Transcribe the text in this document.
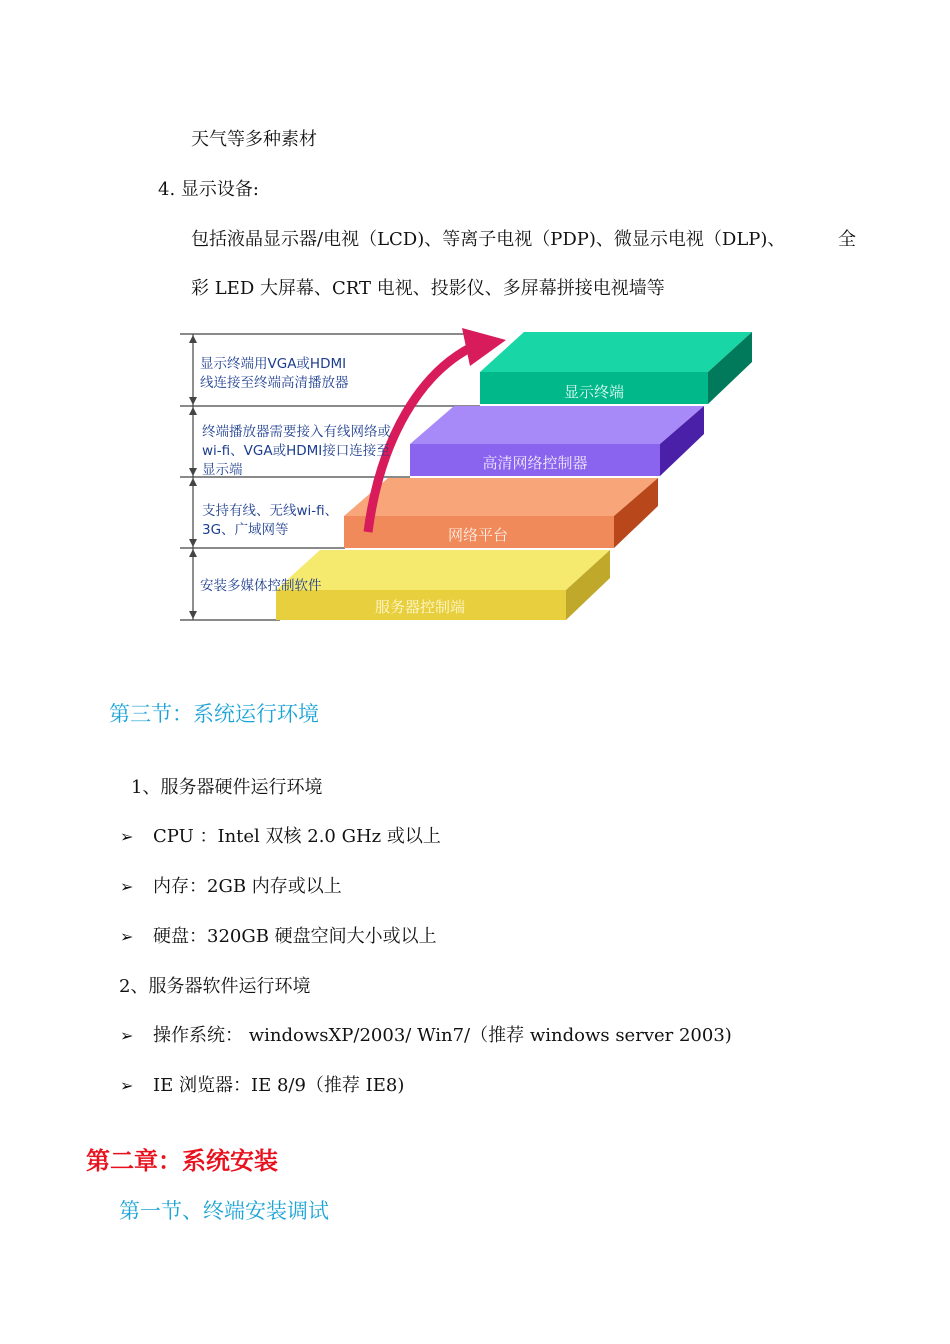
天气等多种素材
4. 显示设备:
包括液晶显示器/电视（LCD)、等离子电视（PDP)、微显示电视（DLP)、	全
彩 LED 大屏幕、CRT 电视、投影仪、多屏幕拼接电视墙等
服务器控制端
网络平台
高清网络控制器
显示终端
显示终端用VGA或HDMI
线连接至终端高清播放器
终端播放器需要接入有线网络或
wi-fi、VGA或HDMI接口连接至
显示端
支持有线、无线wi-fi、
3G、广域网等
安装多媒体控制软件
第三节：系统运行环境
1、服务器硬件运行环境
➢ CPU ：Intel 双核 2.0 GHz 或以上
➢ 内存：2GB 内存或以上
➢ 硬盘：320GB 硬盘空间大小或以上
2、服务器软件运行环境
➢ 操作系统： windowsXP/2003/ Win7/（推荐 windows server 2003)
➢ IE 浏览器：IE 8/9（推荐 IE8)
第二章：系统安装
第一节、终端安装调试
